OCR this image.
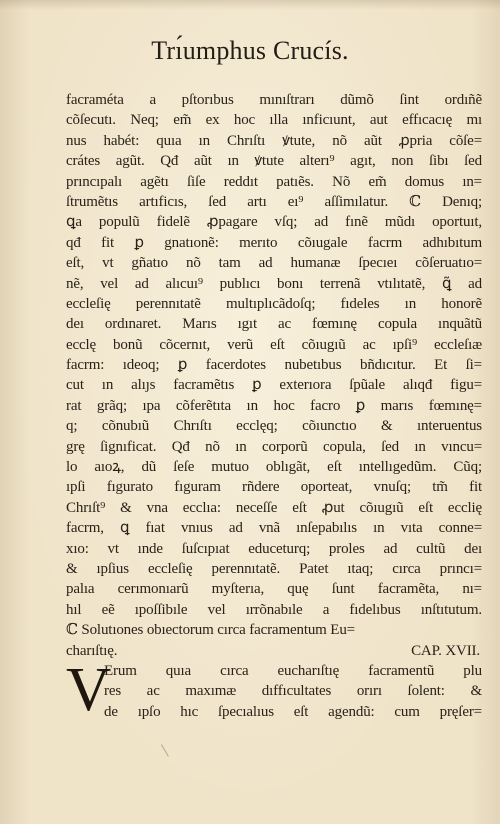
Trı́umphus Crucís.
facraméta a pſtorıbus mınıſtrarı dũmõ ſint ordıñẽ
cõſecutı. Neq; em̃ ex hoc ılla ınficıunt, aut effıcacıę mı
nus habét: quıa ın Chrıſtı ꝟtute, nõ aũt ꝓpria cõſe=
crátes agũt. Qđ aũt ın ꝟtute alterı⁹ agıt, non ſibı ſed
prıncıpalı agẽtı ſiſe reddıt patıẽs. Nõ em̃ domus ın=
ſtrumẽtıs artıficıs, ſed artı eı⁹ aſſimılatur. ℂ Denıq;
ꝗa populũ fidelẽ ꝓpagare vſq; ad fınẽ mũdı oportuıt,
qđ fit ꝑ gnatıonẽ: merıto cõıugale facrm adhıbıtum
eſt, vt gñatıo nõ tam ad humanæ ſpecıeı cõſeruatıo=
nẽ, vel ad alıcuı⁹ publıcı bonı terrenã vtılıtatẽ, ꝗ̃ ad
eccleſię perennıtatẽ multıplıcãdoſq; fıdeles ın honorẽ
deı ordınaret. Marıs ıgıt ac fœmınę copula ınquãtũ
ecclę bonũ cõcernıt, verũ eſt cõıugıũ ac ıpſi⁹ eccleſıæ
facrm: ıdeoq; ꝑ facerdotes nubetıbus bñdıcıtur. Et ſi=
cut ın alıȷs facramẽtıs ꝑ exterıora ſpũale alıqđ figu=
rat grãq; ıpa cõferẽtıta ın hoc facro ꝑ marıs fœmınę=
q; cõnubıũ Chrıſtı ecclęq; cõıunctıo & ınteruentus
grę ſignıficat. Qđ nõ ın corporũ copula, ſed ın vıncu=
lo aıoꝝ, dũ ſeſe mutuo oblıgãt, eſt ıntellıgedũm. Cũq;
ıpſi fıgurato fıguram rñdere oporteat, vnuſq; tm̃ fit
Chrıſt⁹ & vna ecclıa: neceſſe eſt ꝓut cõıugıũ eſt ecclię
facrm, ꝗ fıat vnıus ad vnã ınſepabılıs ın vıta conne=
xıo: vt ınde ſuſcıpıat educeturq; proles ad cultũ deı
& ıpſius eccleſię perennıtatẽ. Patet ıtaq; cırca prıncı=
palıa cerımonıarũ myſterıa, quę ſunt facramẽta, nı=
hıl eẽ ıpoſſibıle vel ırrõnabıle a fıdelıbus ınſtıtutum.
ℂ Solutıones obıectorum cırca facramentum Eu=
charıſtıę.	CAP. XVII.
V
Erum quıa cırca eucharıſtıę facramentũ plu
res ac maxımæ dıffıcultates orırı ſolent: &
de ıpſo hıc ſpecıalıus eſt agendũ: cum pręſer=
